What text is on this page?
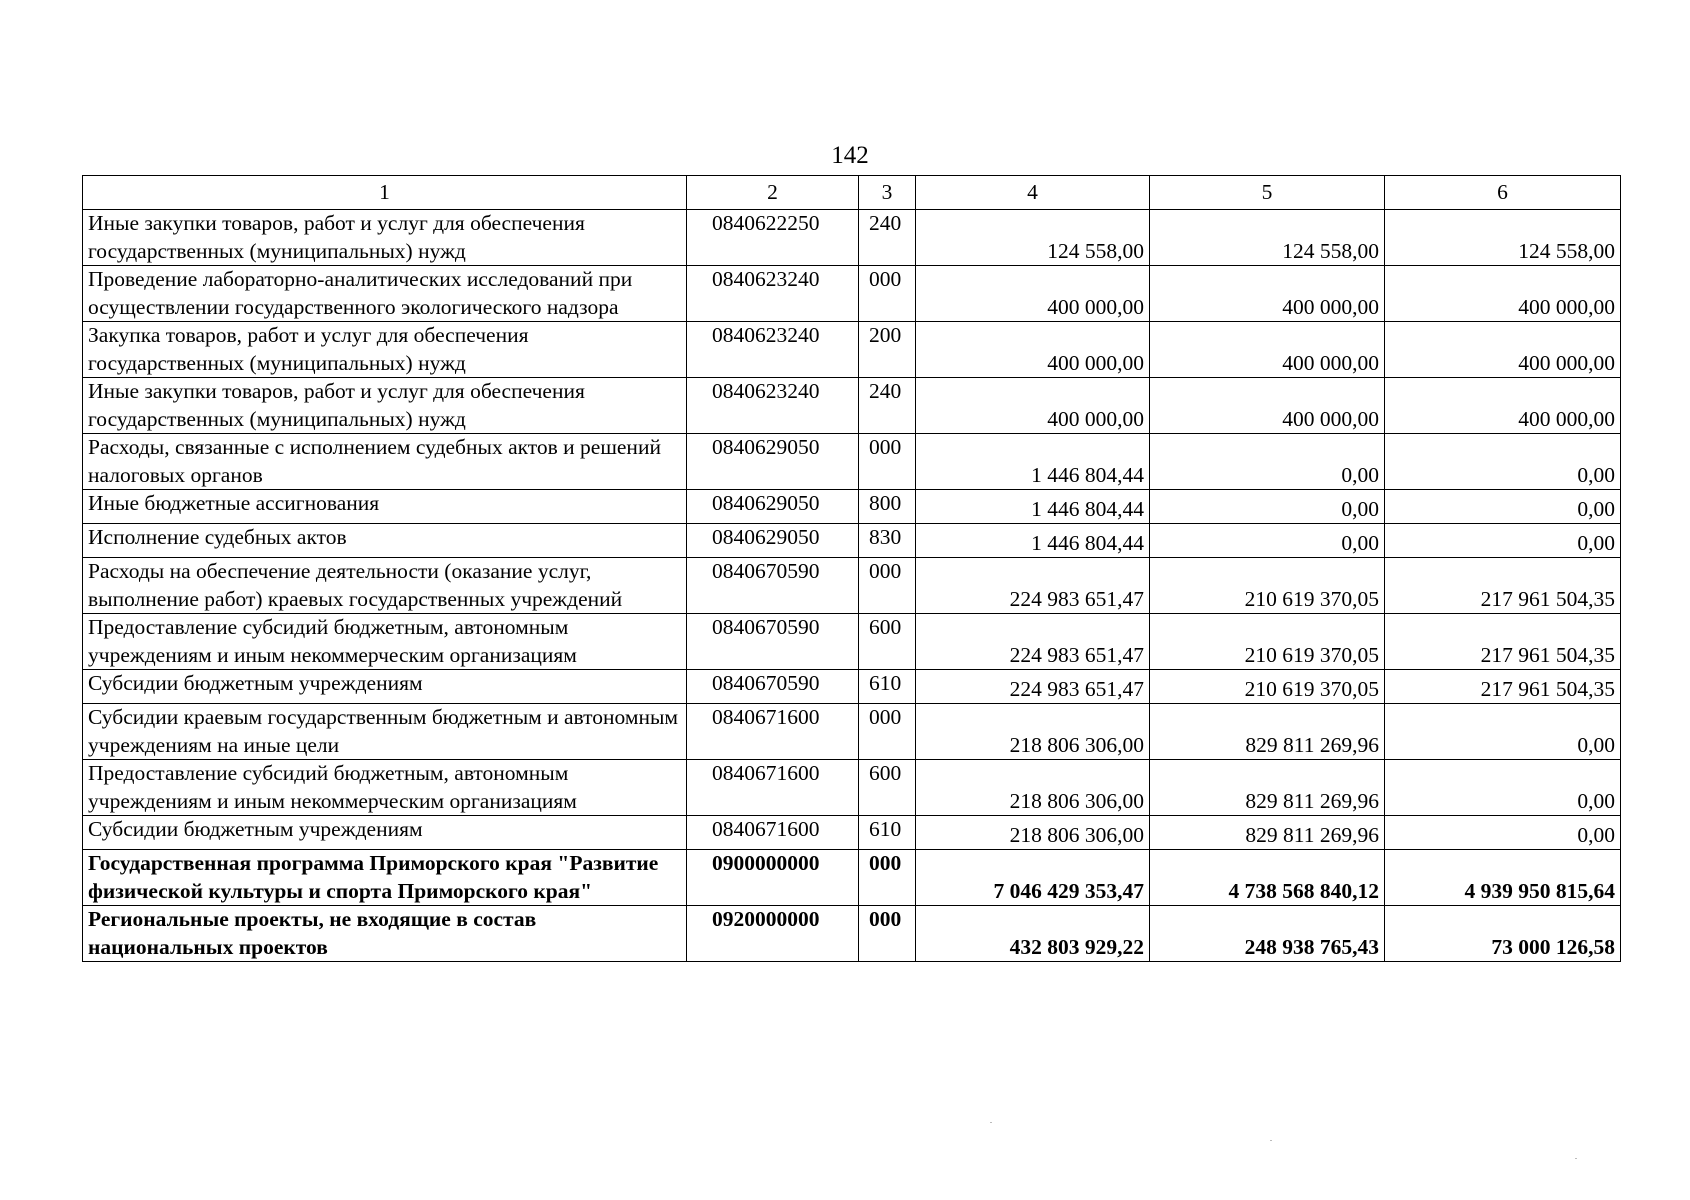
142
1	2	3	4	5	6
Иные закупки товаров, работ и услуг для обеспечения государственных (муниципальных) нужд	0840622250	240	124 558,00	124 558,00	124 558,00
Проведение лабораторно-аналитических исследований при осуществлении государственного экологического надзора	0840623240	000	400 000,00	400 000,00	400 000,00
Закупка товаров, работ и услуг для обеспечения государственных (муниципальных) нужд	0840623240	200	400 000,00	400 000,00	400 000,00
Иные закупки товаров, работ и услуг для обеспечения государственных (муниципальных) нужд	0840623240	240	400 000,00	400 000,00	400 000,00
Расходы, связанные с исполнением судебных актов и решений налоговых органов	0840629050	000	1 446 804,44	0,00	0,00
Иные бюджетные ассигнования	0840629050	800	1 446 804,44	0,00	0,00
Исполнение судебных актов	0840629050	830	1 446 804,44	0,00	0,00
Расходы на обеспечение деятельности (оказание услуг, выполнение работ) краевых государственных учреждений	0840670590	000	224 983 651,47	210 619 370,05	217 961 504,35
Предоставление субсидий бюджетным, автономным учреждениям и иным некоммерческим организациям	0840670590	600	224 983 651,47	210 619 370,05	217 961 504,35
Субсидии бюджетным учреждениям	0840670590	610	224 983 651,47	210 619 370,05	217 961 504,35
Субсидии краевым государственным бюджетным и автономным учреждениям на иные цели	0840671600	000	218 806 306,00	829 811 269,96	0,00
Предоставление субсидий бюджетным, автономным учреждениям и иным некоммерческим организациям	0840671600	600	218 806 306,00	829 811 269,96	0,00
Субсидии бюджетным учреждениям	0840671600	610	218 806 306,00	829 811 269,96	0,00
Государственная программа Приморского края "Развитие физической культуры и спорта Приморского края"	0900000000	000	7 046 429 353,47	4 738 568 840,12	4 939 950 815,64
Региональные проекты, не входящие в состав национальных проектов	0920000000	000	432 803 929,22	248 938 765,43	73 000 126,58
